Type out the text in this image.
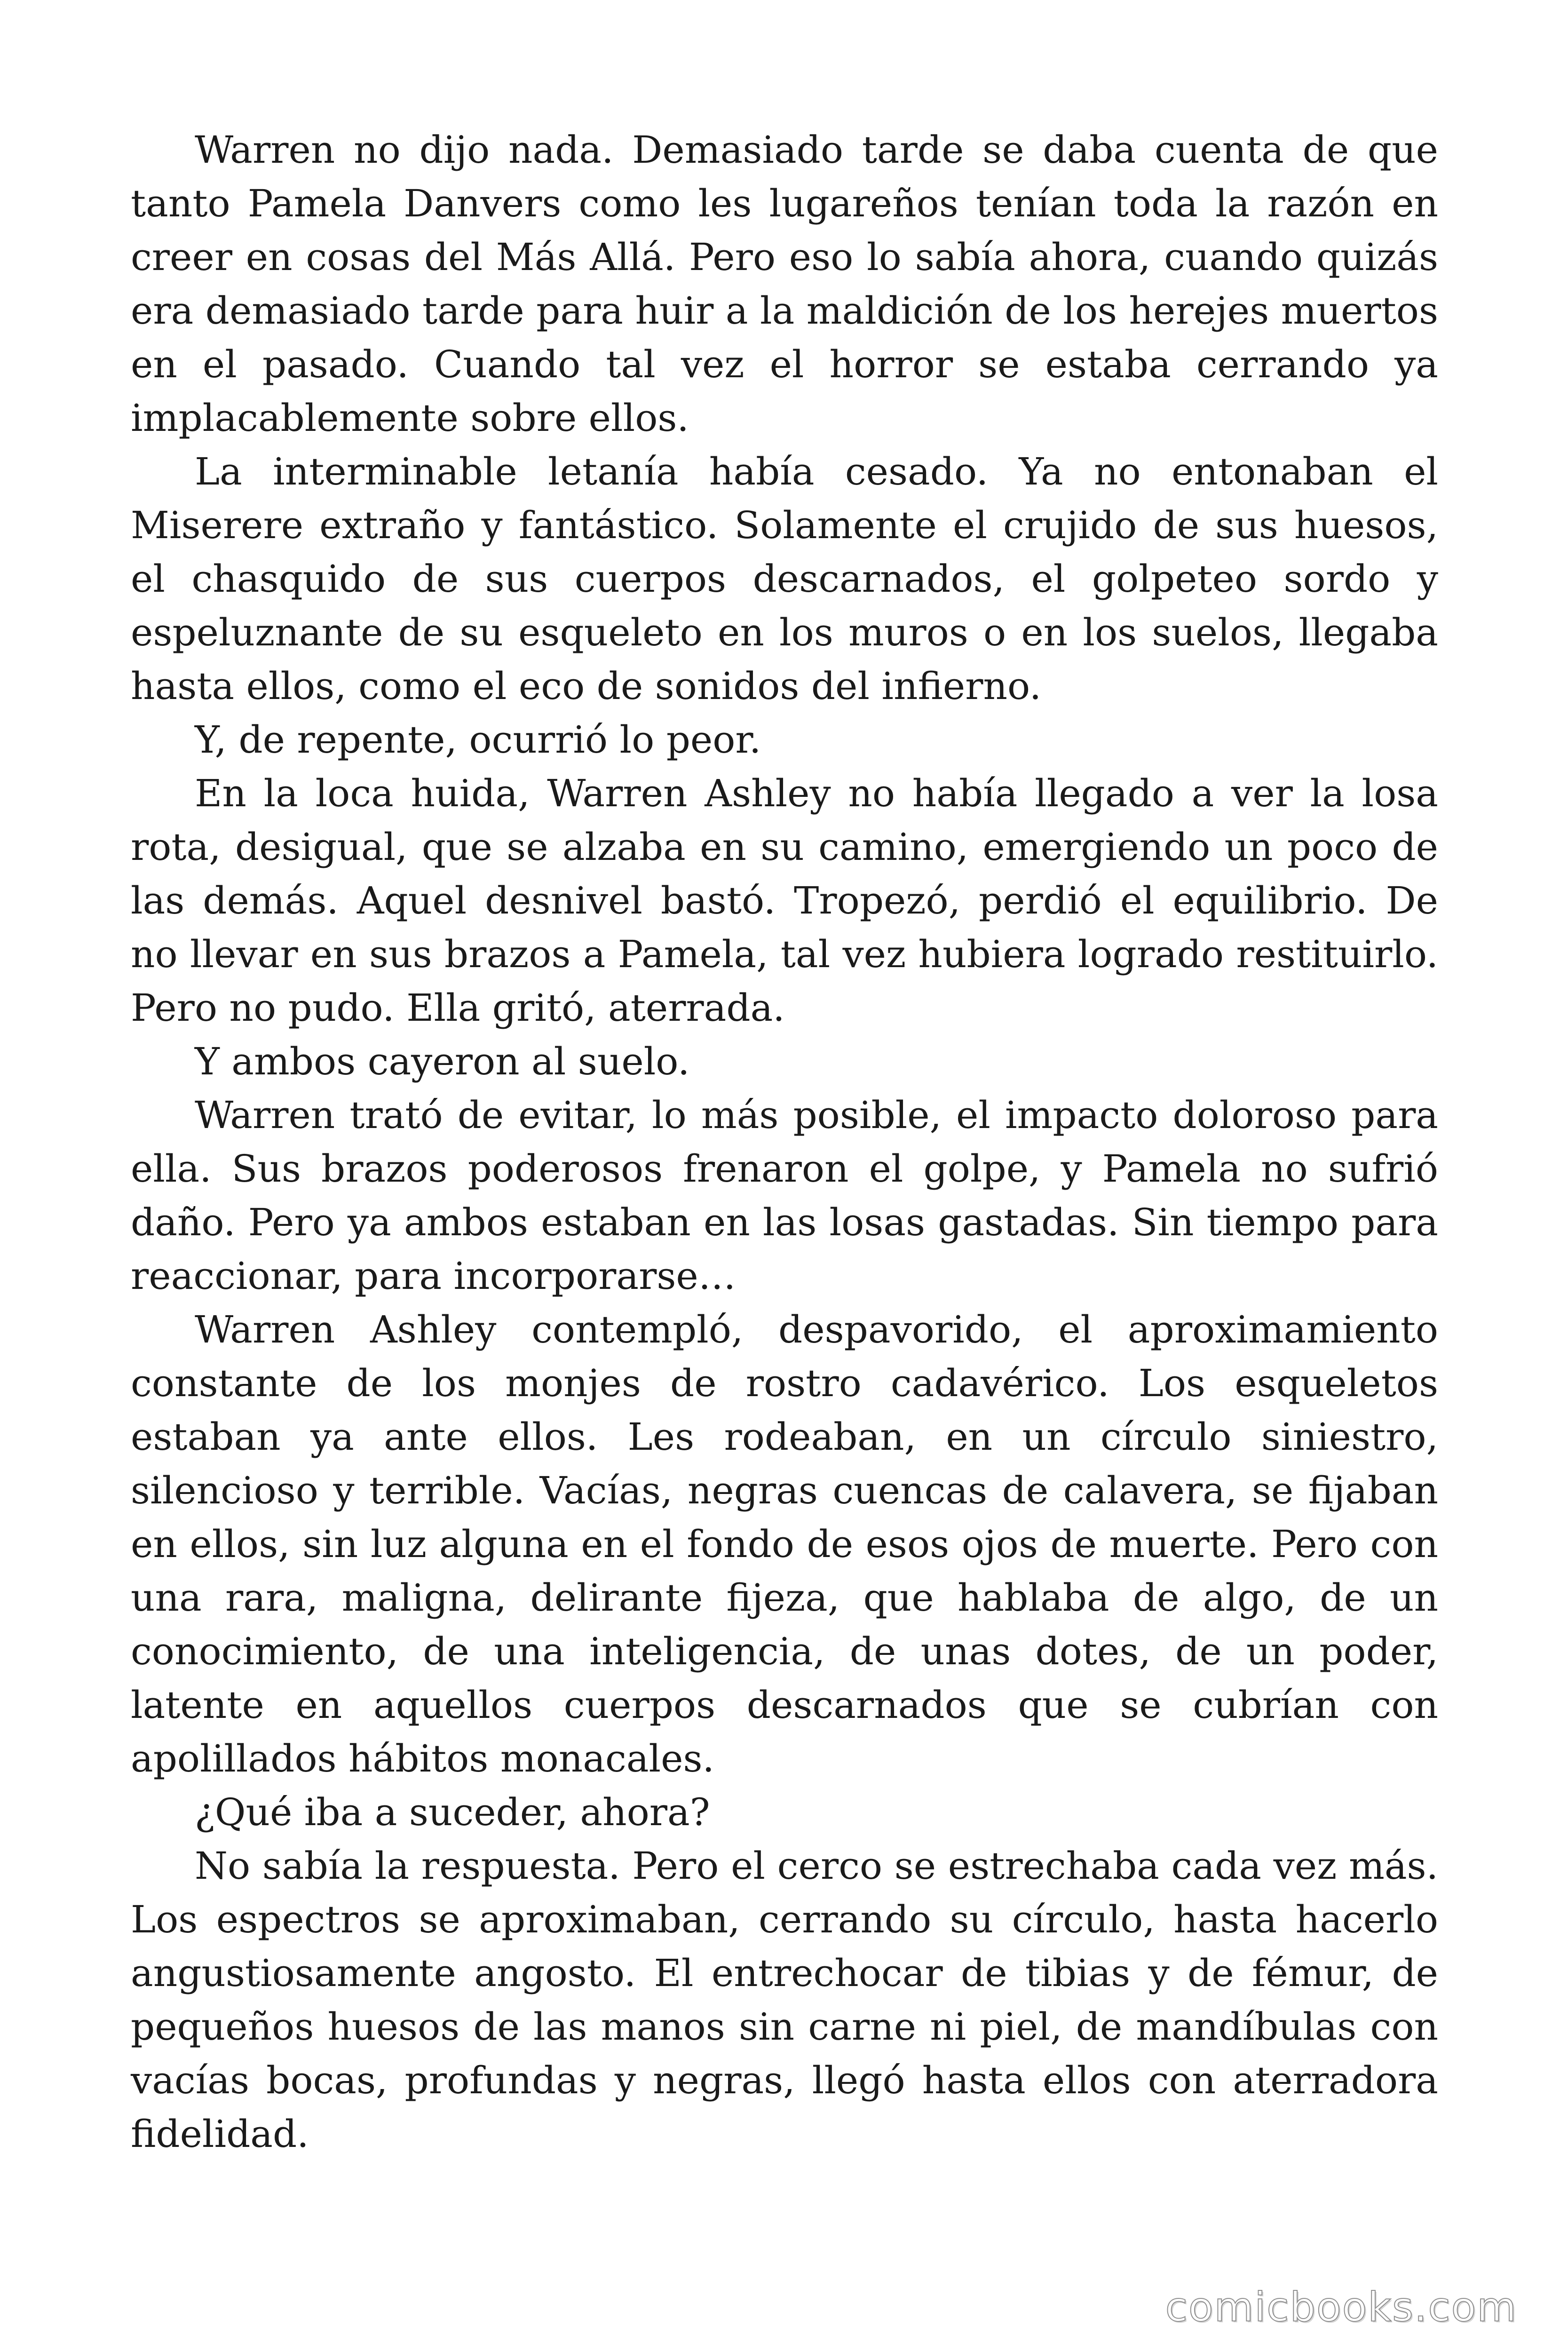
Warren no dijo nada. Demasiado tarde se daba cuenta de que tanto Pamela Danvers como les lugareños tenían toda la razón en creer en cosas del Más Allá. Pero eso lo sabía ahora, cuando quizás era demasiado tarde para huir a la maldición de los herejes muertos en el pasado. Cuando tal vez el horror se estaba cerrando ya implacablemente sobre ellos.

La interminable letanía había cesado. Ya no entonaban el Miserere extraño y fantástico. Solamente el crujido de sus huesos, el chasquido de sus cuerpos descarnados, el golpeteo sordo y espeluznante de su esqueleto en los muros o en los suelos, llegaba hasta ellos, como el eco de sonidos del infierno.

Y, de repente, ocurrió lo peor.

En la loca huida, Warren Ashley no había llegado a ver la losa rota, desigual, que se alzaba en su camino, emergiendo un poco de las demás. Aquel desnivel bastó. Tropezó, perdió el equilibrio. De no llevar en sus brazos a Pamela, tal vez hubiera logrado restituirlo. Pero no pudo. Ella gritó, aterrada.

Y ambos cayeron al suelo.

Warren trató de evitar, lo más posible, el impacto doloroso para ella. Sus brazos poderosos frenaron el golpe, y Pamela no sufrió daño. Pero ya ambos estaban en las losas gastadas. Sin tiempo para reaccionar, para incorporarse…

Warren Ashley contempló, despavorido, el aproximamiento constante de los monjes de rostro cadavérico. Los esqueletos estaban ya ante ellos. Les rodeaban, en un círculo siniestro, silencioso y terrible. Vacías, negras cuencas de calavera, se fijaban en ellos, sin luz alguna en el fondo de esos ojos de muerte. Pero con una rara, maligna, delirante fijeza, que hablaba de algo, de un conocimiento, de una inteligencia, de unas dotes, de un poder, latente en aquellos cuerpos descarnados que se cubrían con apolillados hábitos monacales.

¿Qué iba a suceder, ahora?

No sabía la respuesta. Pero el cerco se estrechaba cada vez más. Los espectros se aproximaban, cerrando su círculo, hasta hacerlo angustiosamente angosto. El entrechocar de tibias y de fémur, de pequeños huesos de las manos sin carne ni piel, de mandíbulas con vacías bocas, profundas y negras, llegó hasta ellos con aterradora fidelidad.

comicbooks.com
